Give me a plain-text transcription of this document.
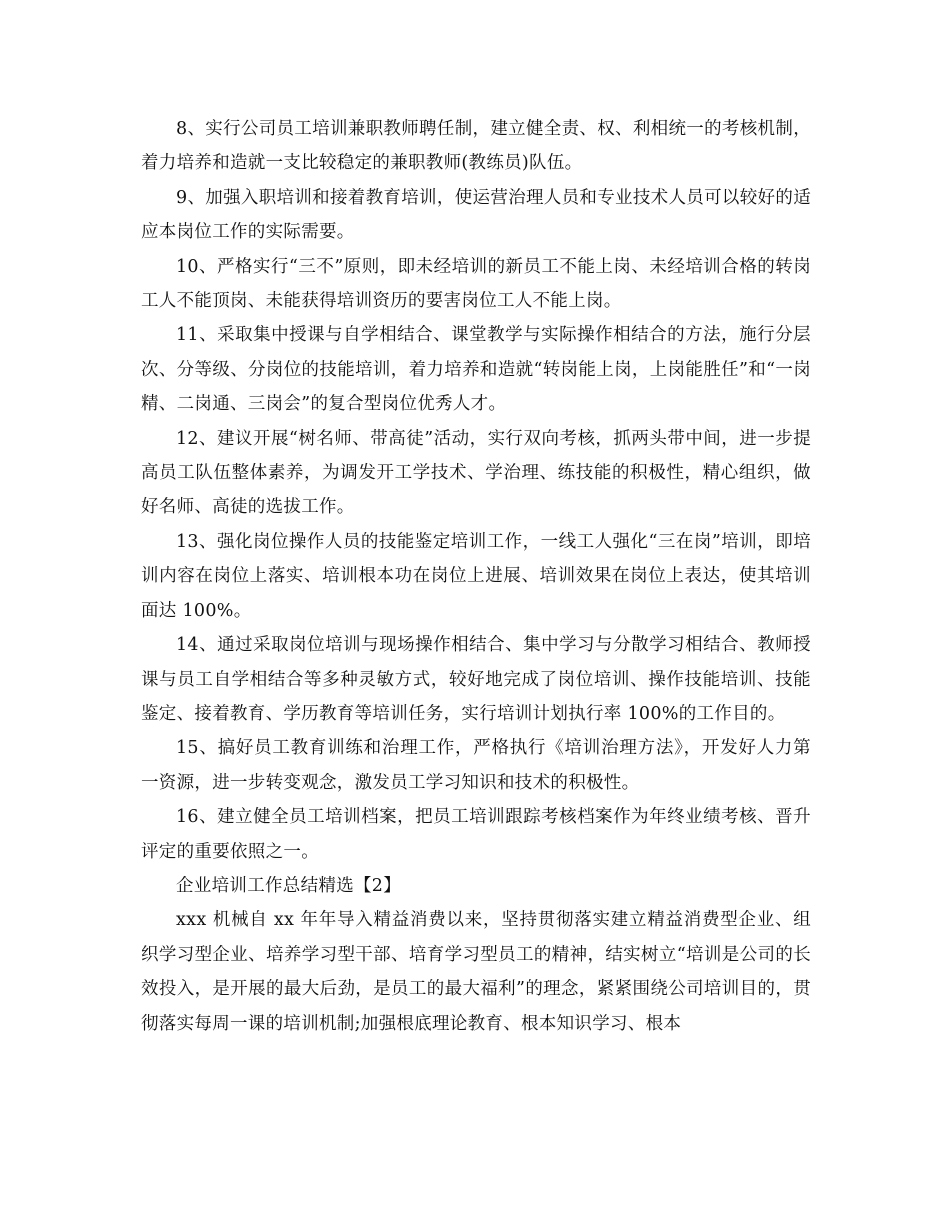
8、实行公司员工培训兼职教师聘任制，建立健全责、权、利相统一的考核机制，着力培养和造就一支比较稳定的兼职教师(教练员)队伍。

9、加强入职培训和接着教育培训，使运营治理人员和专业技术人员可以较好的适应本岗位工作的实际需要。

10、严格实行“三不”原则，即未经培训的新员工不能上岗、未经培训合格的转岗工人不能顶岗、未能获得培训资历的要害岗位工人不能上岗。

11、采取集中授课与自学相结合、课堂教学与实际操作相结合的方法，施行分层次、分等级、分岗位的技能培训，着力培养和造就“转岗能上岗，上岗能胜任”和“一岗精、二岗通、三岗会”的复合型岗位优秀人才。

12、建议开展“树名师、带高徒”活动，实行双向考核，抓两头带中间，进一步提高员工队伍整体素养，为调发开工学技术、学治理、练技能的积极性，精心组织，做好名师、高徒的选拔工作。

13、强化岗位操作人员的技能鉴定培训工作，一线工人强化“三在岗”培训，即培训内容在岗位上落实、培训根本功在岗位上进展、培训效果在岗位上表达，使其培训面达 100%。

14、通过采取岗位培训与现场操作相结合、集中学习与分散学习相结合、教师授课与员工自学相结合等多种灵敏方式，较好地完成了岗位培训、操作技能培训、技能鉴定、接着教育、学历教育等培训任务，实行培训计划执行率 100%的工作目的。

15、搞好员工教育训练和治理工作，严格执行《培训治理方法》，开发好人力第一资源，进一步转变观念，激发员工学习知识和技术的积极性。

16、建立健全员工培训档案，把员工培训跟踪考核档案作为年终业绩考核、晋升评定的重要依照之一。

企业培训工作总结精选【2】

xxx 机械自 xx 年年导入精益消费以来，坚持贯彻落实建立精益消费型企业、组织学习型企业、培养学习型干部、培育学习型员工的精神，结实树立“培训是公司的长效投入，是开展的最大后劲，是员工的最大福利”的理念，紧紧围绕公司培训目的，贯彻落实每周一课的培训机制;加强根底理论教育、根本知识学习、根本
